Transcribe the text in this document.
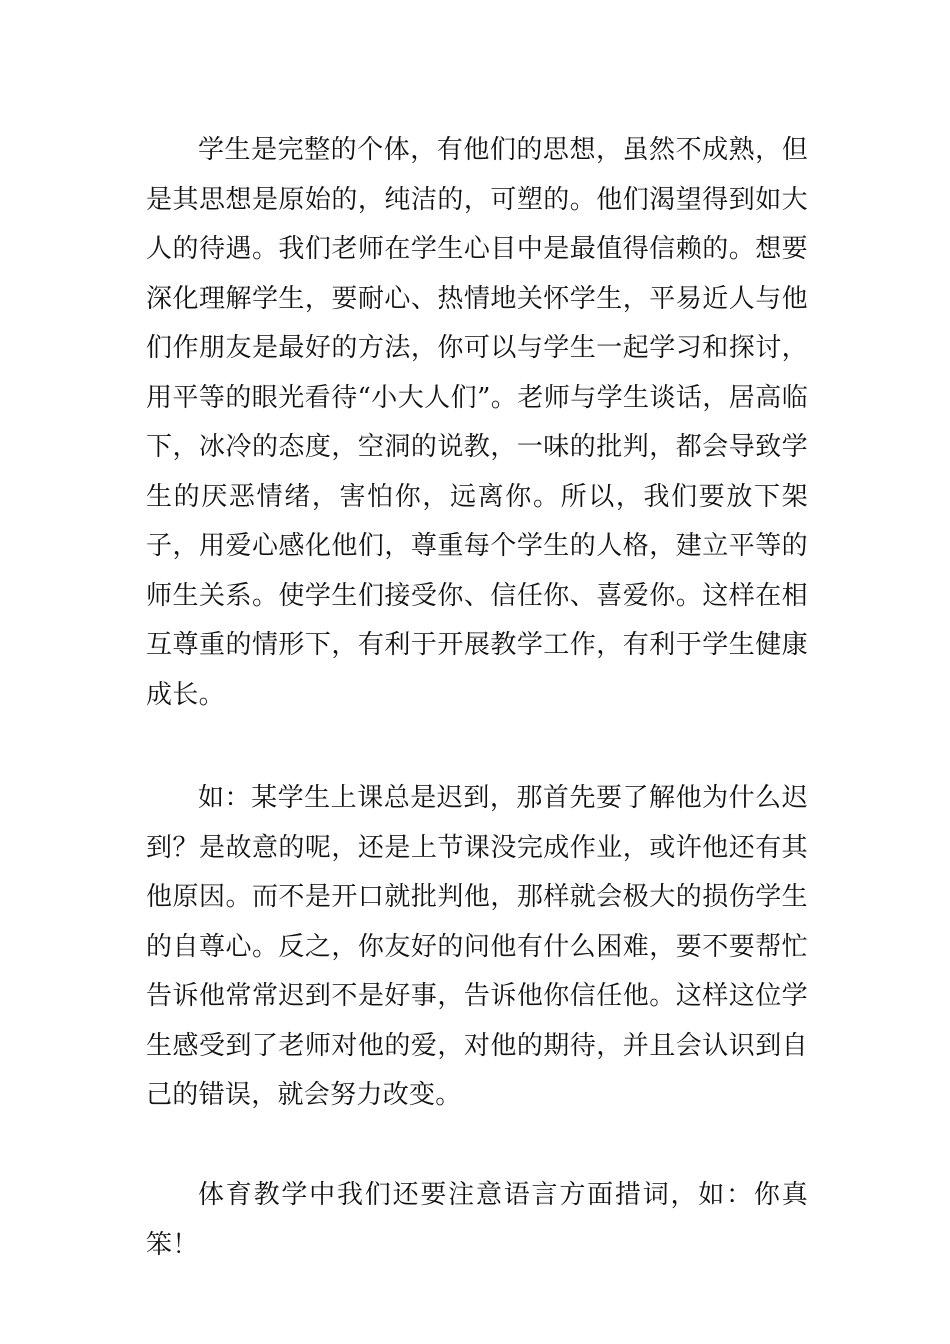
学生是完整的个体，有他们的思想，虽然不成熟，但是其思想是原始的，纯洁的，可塑的。他们渴望得到如大人的待遇。我们老师在学生心目中是最值得信赖的。想要深化理解学生，要耐心、热情地关怀学生，平易近人与他们作朋友是最好的方法，你可以与学生一起学习和探讨，用平等的眼光看待“小大人们”。老师与学生谈话，居高临下，冰冷的态度，空洞的说教，一味的批判，都会导致学生的厌恶情绪，害怕你，远离你。所以，我们要放下架子，用爱心感化他们，尊重每个学生的人格，建立平等的师生关系。使学生们接受你、信任你、喜爱你。这样在相互尊重的情形下，有利于开展教学工作，有利于学生健康成长。

如：某学生上课总是迟到，那首先要了解他为什么迟到？是故意的呢，还是上节课没完成作业，或许他还有其他原因。而不是开口就批判他，那样就会极大的损伤学生的自尊心。反之，你友好的问他有什么困难，要不要帮忙告诉他常常迟到不是好事，告诉他你信任他。这样这位学生感受到了老师对他的爱，对他的期待，并且会认识到自己的错误，就会努力改变。

体育教学中我们还要注意语言方面措词，如：你真笨！
